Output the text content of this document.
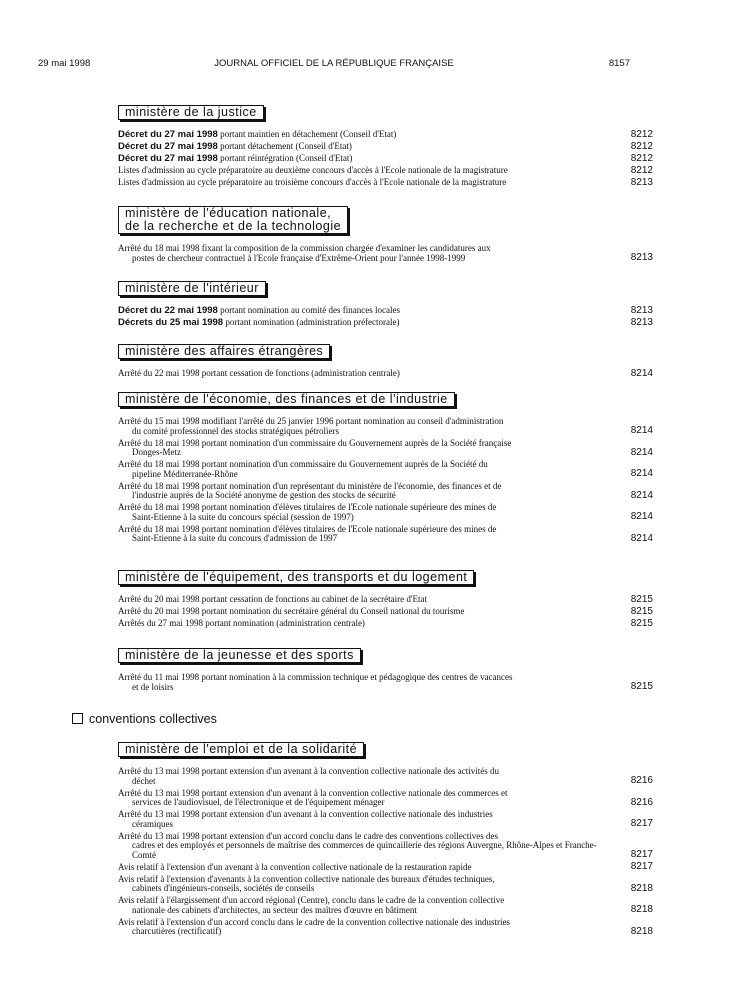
29 mai 1998	JOURNAL OFFICIEL DE LA RÉPUBLIQUE FRANÇAISE	8157
conventions collectives
ministère de la justice
Décret du 27 mai 1998 portant maintien en détachement (Conseil d'Etat)	8212
Décret du 27 mai 1998 portant détachement (Conseil d'Etat)	8212
Décret du 27 mai 1998 portant réintégration (Conseil d'Etat)	8212
Listes d'admission au cycle préparatoire au deuxième concours d'accès à l'Ecole nationale de la magistrature	8212
Listes d'admission au cycle préparatoire au troisième concours d'accès à l'Ecole nationale de la magistrature	8213
ministère de l'éducation nationale,
de la recherche et de la technologie
Arrêté du 18 mai 1998 fixant la composition de la commission chargée d'examiner les candidatures aux
postes de chercheur contractuel à l'Ecole française d'Extrême-Orient pour l'année 1998-1999	8213
ministère de l'intérieur
Décret du 22 mai 1998 portant nomination au comité des finances locales	8213
Décrets du 25 mai 1998 portant nomination (administration préfectorale)	8213
ministère des affaires étrangères
Arrêté du 22 mai 1998 portant cessation de fonctions (administration centrale)	8214
ministère de l'économie, des finances et de l'industrie
Arrêté du 15 mai 1998 modifiant l'arrêté du 25 janvier 1996 portant nomination au conseil d'administration
du comité professionnel des stocks stratégiques pétroliers	8214
Arrêté du 18 mai 1998 portant nomination d'un commissaire du Gouvernement auprès de la Société française
Donges-Metz	8214
Arrêté du 18 mai 1998 portant nomination d'un commissaire du Gouvernement auprès de la Société du
pipeline Méditerranée-Rhône	8214
Arrêté du 18 mai 1998 portant nomination d'un représentant du ministère de l'économie, des finances et de
l'industrie auprès de la Société anonyme de gestion des stocks de sécurité	8214
Arrêté du 18 mai 1998 portant nomination d'élèves titulaires de l'Ecole nationale supérieure des mines de
Saint-Etienne à la suite du concours spécial (session de 1997)	8214
Arrêté du 18 mai 1998 portant nomination d'élèves titulaires de l'Ecole nationale supérieure des mines de
Saint-Etienne à la suite du concours d'admission de 1997	8214
ministère de l'équipement, des transports et du logement
Arrêté du 20 mai 1998 portant cessation de fonctions au cabinet de la secrétaire d'Etat	8215
Arrêté du 20 mai 1998 portant nomination du secrétaire général du Conseil national du tourisme	8215
Arrêtés du 27 mai 1998 portant nomination (administration centrale)	8215
ministère de la jeunesse et des sports
Arrêté du 11 mai 1998 portant nomination à la commission technique et pédagogique des centres de vacances
et de loisirs	8215
ministère de l'emploi et de la solidarité
Arrêté du 13 mai 1998 portant extension d'un avenant à la convention collective nationale des activités du
déchet	8216
Arrêté du 13 mai 1998 portant extension d'un avenant à la convention collective nationale des commerces et
services de l'audiovisuel, de l'électronique et de l'équipement ménager	8216
Arrêté du 13 mai 1998 portant extension d'un avenant à la convention collective nationale des industries
céramiques	8217
Arrêté du 13 mai 1998 portant extension d'un accord conclu dans le cadre des conventions collectives des
cadres et des employés et personnels de maîtrise des commerces de quincaillerie des régions Auvergne, Rhône-Alpes et Franche-Comté	8217
Avis relatif à l'extension d'un avenant à la convention collective nationale de la restauration rapide	8217
Avis relatif à l'extension d'avenants à la convention collective nationale des bureaux d'études techniques,
cabinets d'ingénieurs-conseils, sociétés de conseils	8218
Avis relatif à l'élargissement d'un accord régional (Centre), conclu dans le cadre de la convention collective
nationale des cabinets d'architectes, au secteur des maîtres d'œuvre en bâtiment	8218
Avis relatif à l'extension d'un accord conclu dans le cadre de la convention collective nationale des industries
charcutières (rectificatif)	8218
